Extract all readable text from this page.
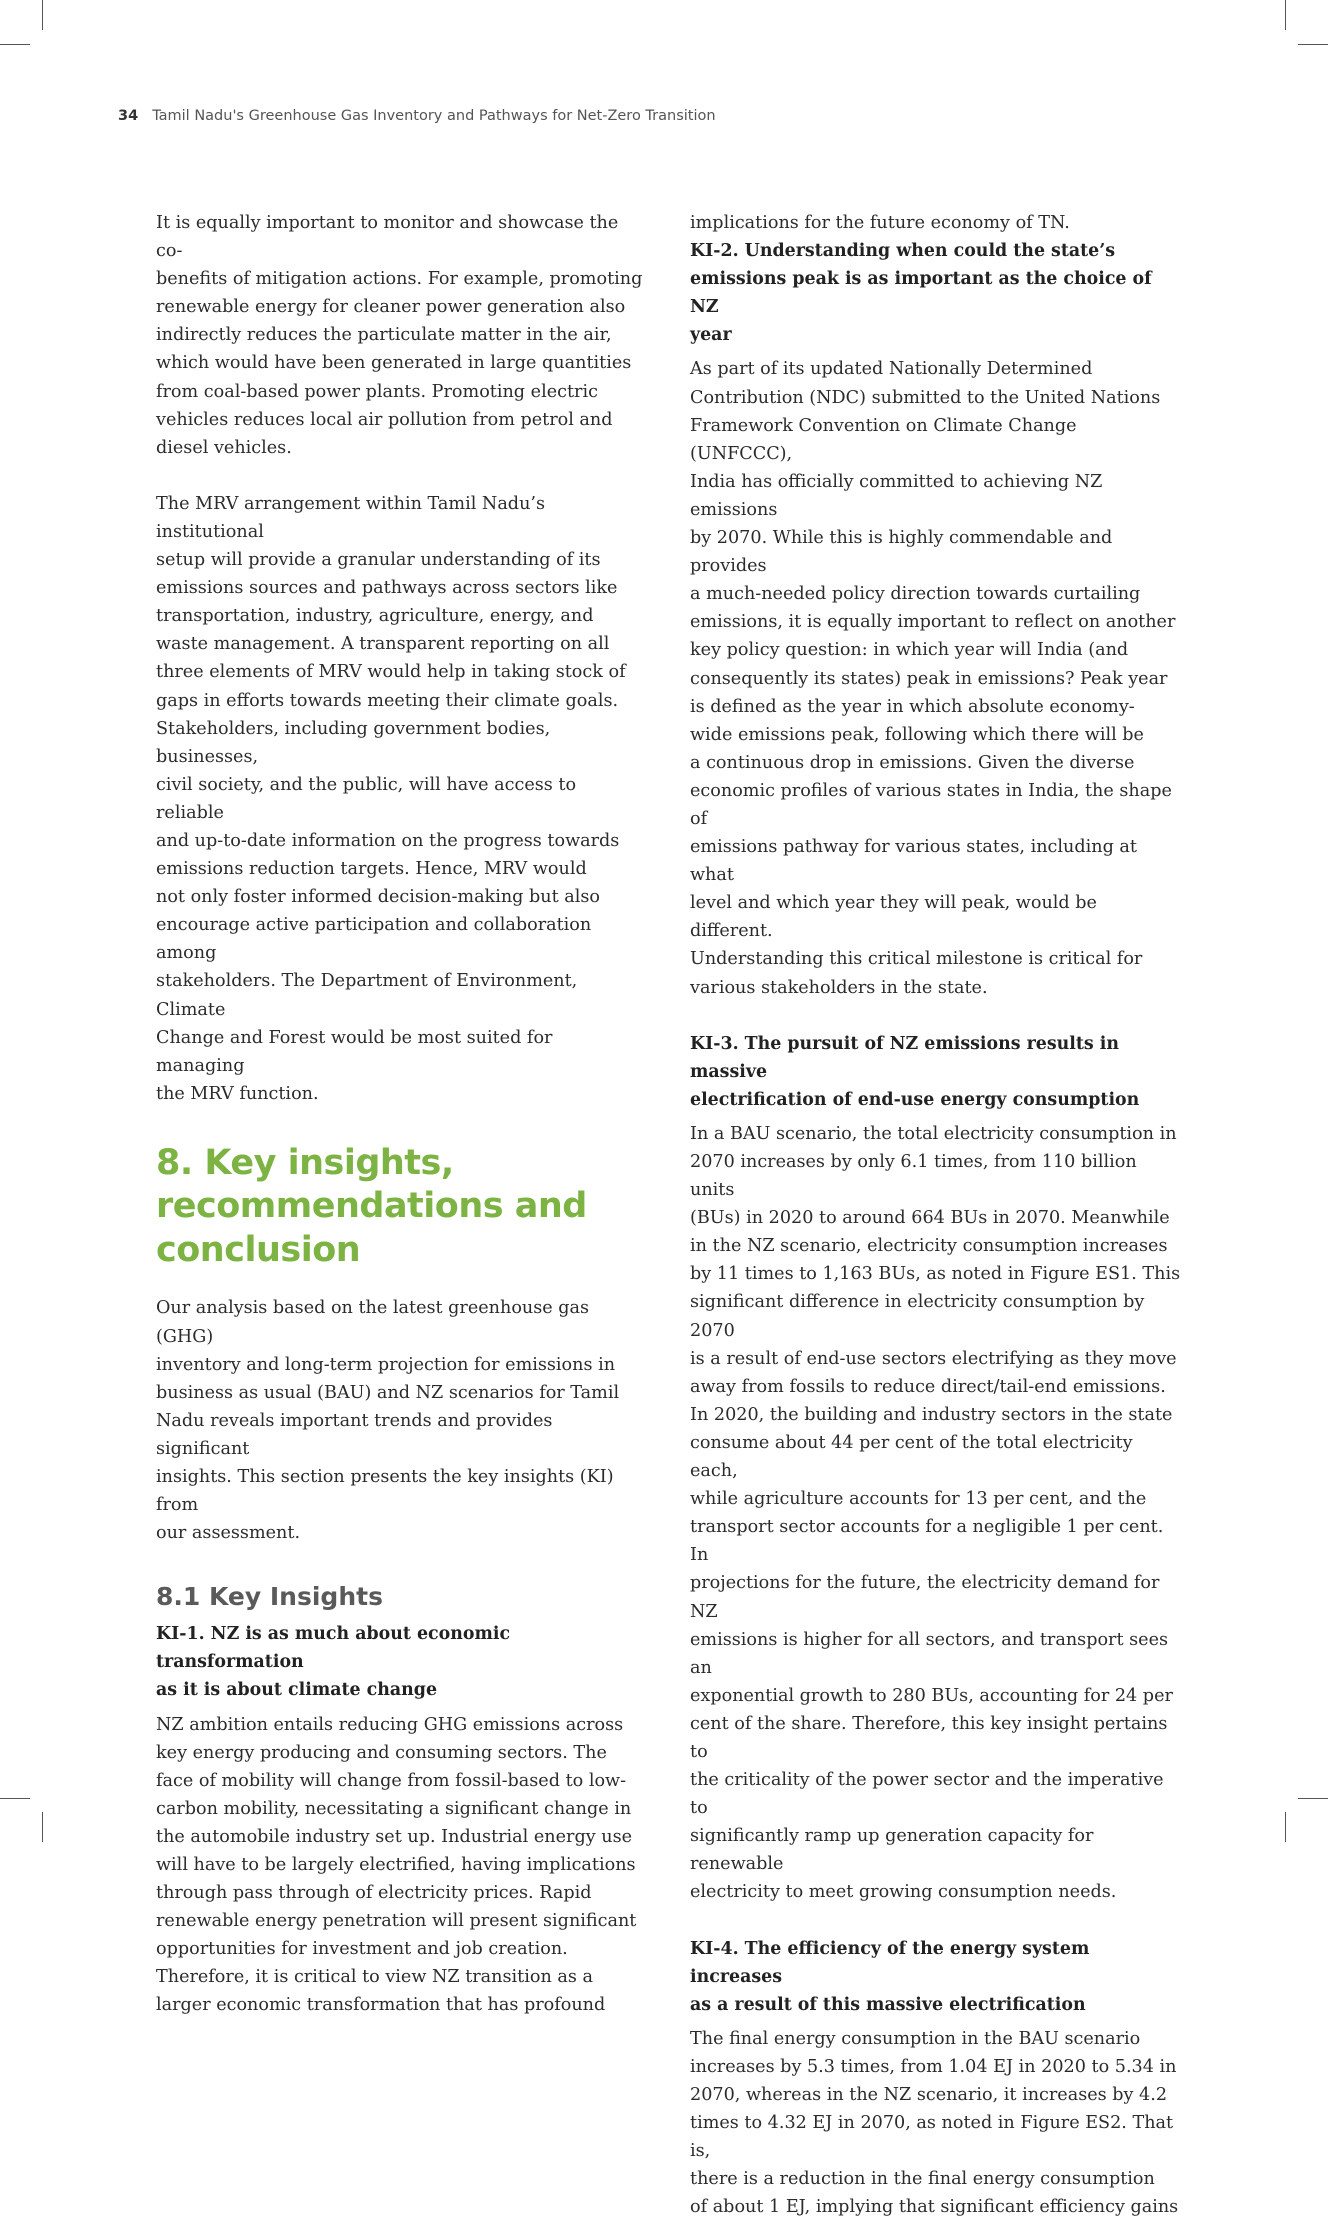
34 Tamil Nadu's Greenhouse Gas Inventory and Pathways for Net-Zero Transition

It is equally important to monitor and showcase the co-
benefits of mitigation actions. For example, promoting
renewable energy for cleaner power generation also
indirectly reduces the particulate matter in the air,
which would have been generated in large quantities
from coal-based power plants. Promoting electric
vehicles reduces local air pollution from petrol and
diesel vehicles.

The MRV arrangement within Tamil Nadu’s institutional
setup will provide a granular understanding of its
emissions sources and pathways across sectors like
transportation, industry, agriculture, energy, and
waste management. A transparent reporting on all
three elements of MRV would help in taking stock of
gaps in efforts towards meeting their climate goals.
Stakeholders, including government bodies, businesses,
civil society, and the public, will have access to reliable
and up-to-date information on the progress towards
emissions reduction targets. Hence, MRV would
not only foster informed decision-making but also
encourage active participation and collaboration among
stakeholders. The Department of Environment, Climate
Change and Forest would be most suited for managing
the MRV function.

8. Key insights,
recommendations and
conclusion

Our analysis based on the latest greenhouse gas (GHG)
inventory and long-term projection for emissions in
business as usual (BAU) and NZ scenarios for Tamil
Nadu reveals important trends and provides significant
insights. This section presents the key insights (KI) from
our assessment.

8.1 Key Insights

KI-1. NZ is as much about economic transformation
as it is about climate change

NZ ambition entails reducing GHG emissions across
key energy producing and consuming sectors. The
face of mobility will change from fossil-based to low-
carbon mobility, necessitating a significant change in
the automobile industry set up. Industrial energy use
will have to be largely electrified, having implications
through pass through of electricity prices. Rapid
renewable energy penetration will present significant
opportunities for investment and job creation.
Therefore, it is critical to view NZ transition as a
larger economic transformation that has profound

implications for the future economy of TN.

KI-2. Understanding when could the state’s
emissions peak is as important as the choice of NZ
year

As part of its updated Nationally Determined
Contribution (NDC) submitted to the United Nations
Framework Convention on Climate Change (UNFCCC),
India has officially committed to achieving NZ emissions
by 2070. While this is highly commendable and provides
a much-needed policy direction towards curtailing
emissions, it is equally important to reflect on another
key policy question: in which year will India (and
consequently its states) peak in emissions? Peak year
is defined as the year in which absolute economy-
wide emissions peak, following which there will be
a continuous drop in emissions. Given the diverse
economic profiles of various states in India, the shape of
emissions pathway for various states, including at what
level and which year they will peak, would be different.
Understanding this critical milestone is critical for
various stakeholders in the state.

KI-3. The pursuit of NZ emissions results in massive
electrification of end-use energy consumption

In a BAU scenario, the total electricity consumption in
2070 increases by only 6.1 times, from 110 billion units
(BUs) in 2020 to around 664 BUs in 2070. Meanwhile
in the NZ scenario, electricity consumption increases
by 11 times to 1,163 BUs, as noted in Figure ES1. This
significant difference in electricity consumption by 2070
is a result of end-use sectors electrifying as they move
away from fossils to reduce direct/tail-end emissions.
In 2020, the building and industry sectors in the state
consume about 44 per cent of the total electricity each,
while agriculture accounts for 13 per cent, and the
transport sector accounts for a negligible 1 per cent. In
projections for the future, the electricity demand for NZ
emissions is higher for all sectors, and transport sees an
exponential growth to 280 BUs, accounting for 24 per
cent of the share. Therefore, this key insight pertains to
the criticality of the power sector and the imperative to
significantly ramp up generation capacity for renewable
electricity to meet growing consumption needs.

KI-4. The efficiency of the energy system increases
as a result of this massive electrification

The final energy consumption in the BAU scenario
increases by 5.3 times, from 1.04 EJ in 2020 to 5.34 in
2070, whereas in the NZ scenario, it increases by 4.2
times to 4.32 EJ in 2070, as noted in Figure ES2. That is,
there is a reduction in the final energy consumption
of about 1 EJ, implying that significant efficiency gains
